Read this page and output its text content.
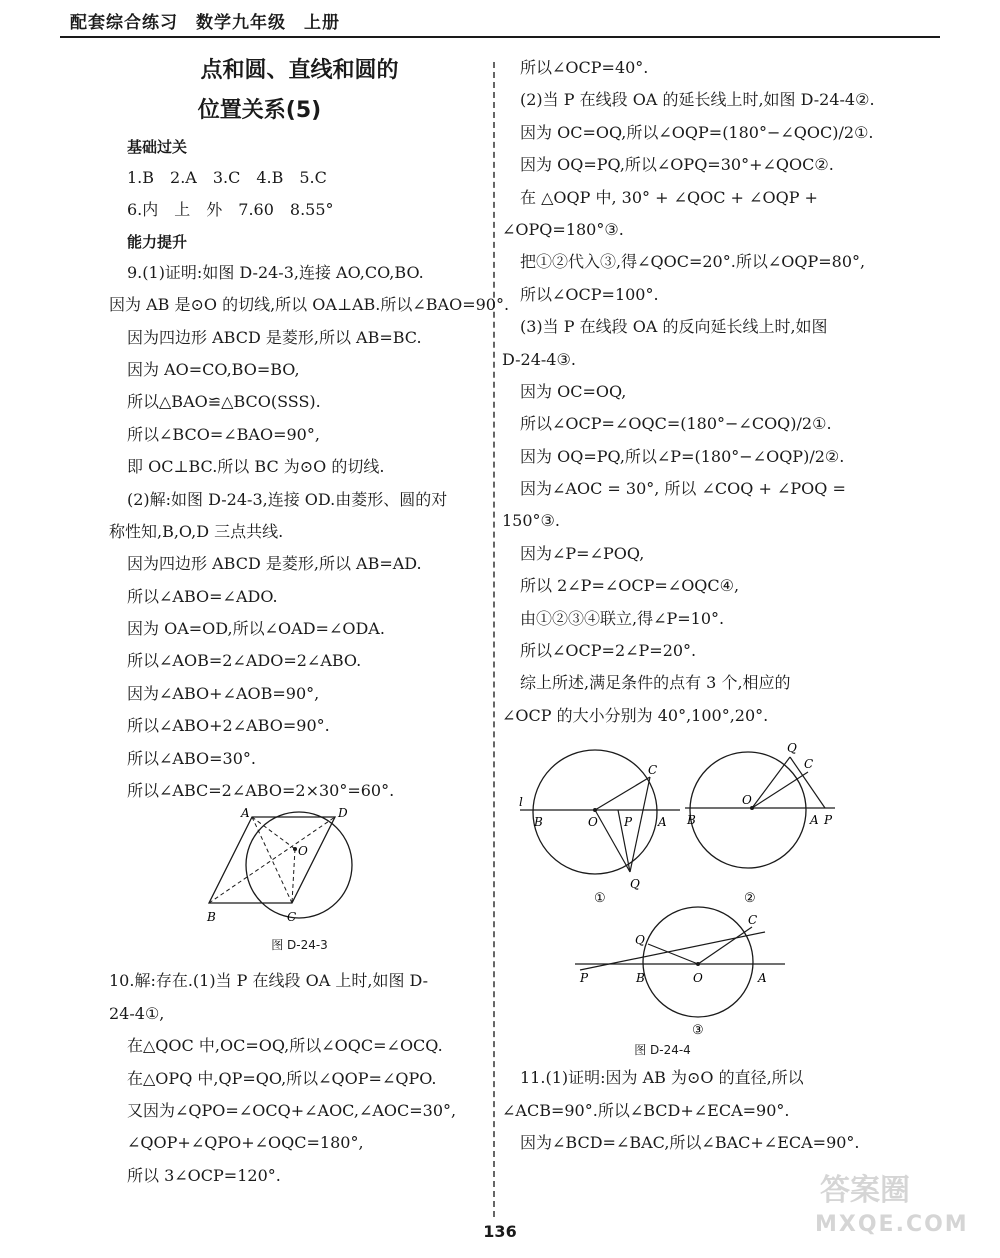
配套综合练习　数学九年级　上册
点和圆、直线和圆的
位置关系(5)
基础过关
1.B　2.A　3.C　4.B　5.C
6.内　上　外　7.60　8.55°
能力提升
9.(1)证明:如图 D-24-3,连接 AO,CO,BO.
因为 AB 是⊙O 的切线,所以 OA⊥AB.所以∠BAO=90°.
因为四边形 ABCD 是菱形,所以 AB=BC.
因为 AO=CO,BO=BO,
所以△BAO≌△BCO(SSS).
所以∠BCO=∠BAO=90°,
即 OC⊥BC.所以 BC 为⊙O 的切线.
(2)解:如图 D-24-3,连接 OD.由菱形、圆的对
称性知,B,O,D 三点共线.
因为四边形 ABCD 是菱形,所以 AB=AD.
所以∠ABO=∠ADO.
因为 OA=OD,所以∠OAD=∠ODA.
所以∠AOB=2∠ADO=2∠ABO.
因为∠ABO+∠AOB=90°,
所以∠ABO+2∠ABO=90°.
所以∠ABO=30°.
所以∠ABC=2∠ABO=2×30°=60°.
A	D
O
B	C
图 D-24-3
10.解:存在.(1)当 P 在线段 OA 上时,如图 D-
24-4①,
在△QOC 中,OC=OQ,所以∠OQC=∠OCQ.
在△OPQ 中,QP=QO,所以∠QOP=∠QPO.
又因为∠QPO=∠OCQ+∠AOC,∠AOC=30°,
∠QOP+∠QPO+∠OQC=180°,
所以 3∠OCP=120°.
所以∠OCP=40°.
(2)当 P 在线段 OA 的延长线上时,如图 D-24-4②.
因为 OC=OQ,所以∠OQP=(180°−∠QOC)/2①.
因为 OQ=PQ,所以∠OPQ=30°+∠QOC②.
在 △OQP 中, 30° + ∠QOC + ∠OQP +
∠OPQ=180°③.
把①②代入③,得∠QOC=20°.所以∠OQP=80°,
所以∠OCP=100°.
(3)当 P 在线段 OA 的反向延长线上时,如图
D-24-4③.
因为 OC=OQ,
所以∠OCP=∠OQC=(180°−∠COQ)/2①.
因为 OQ=PQ,所以∠P=(180°−∠OQP)/2②.
因为∠AOC = 30°, 所以 ∠COQ + ∠POQ =
150°③.
因为∠P=∠POQ,
所以 2∠P=∠OCP=∠OQC④,
由①②③④联立,得∠P=10°.
所以∠OCP=2∠P=20°.
综上所述,满足条件的点有 3 个,相应的
∠OCP 的大小分别为 40°,100°,20°.
l
B	O P A
C
Q
①
B
O
A P
Q
C
②
P
Q
B	O	A
C
③
图 D-24-4
11.(1)证明:因为 AB 为⊙O 的直径,所以
∠ACB=90°.所以∠BCD+∠ECA=90°.
因为∠BCD=∠BAC,所以∠BAC+∠ECA=90°.
136
答案圈
MXQE.COM
